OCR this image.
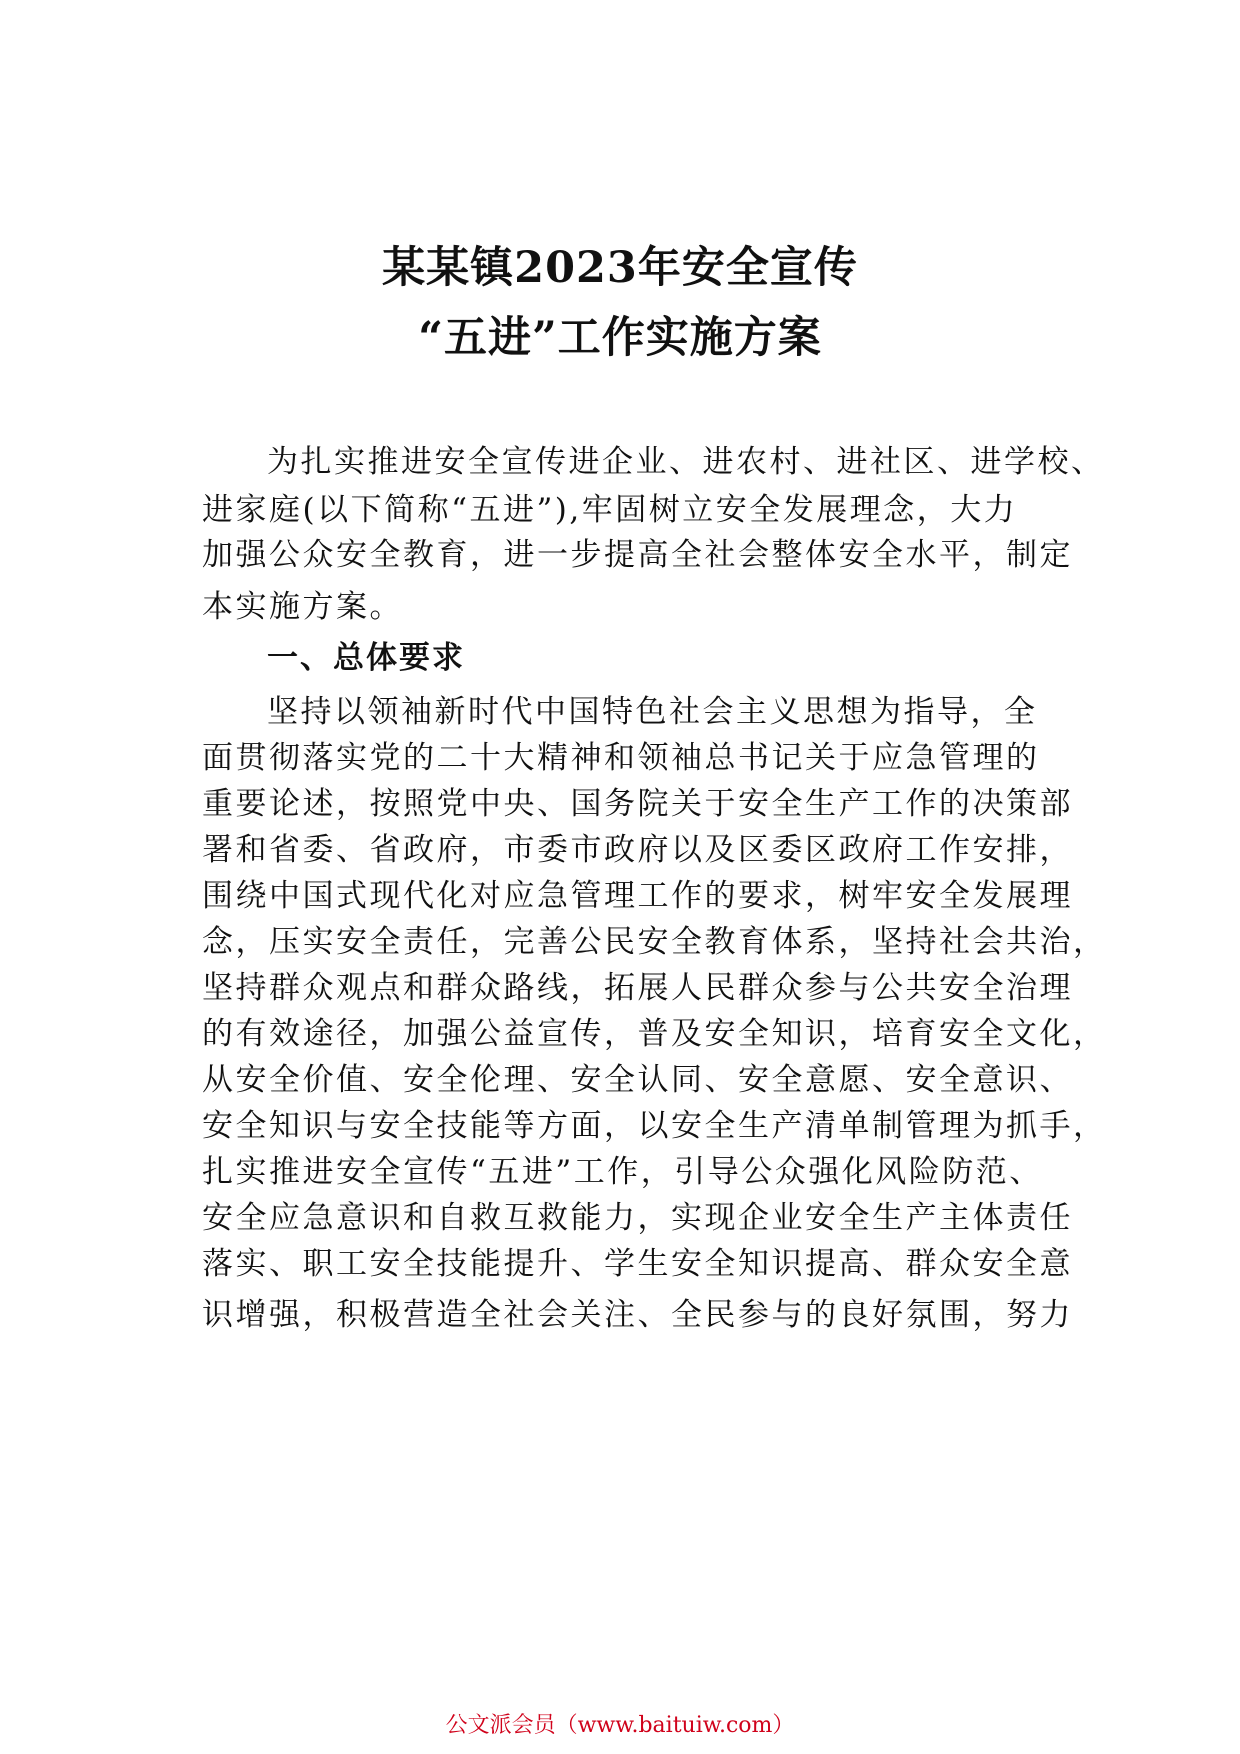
某某镇2023年安全宣传
“五进”工作实施方案
为扎实推进安全宣传进企业、进农村、进社区、进学校、
进家庭(以下简称“五进”),牢固树立安全发展理念，大力
加强公众安全教育，进一步提高全社会整体安全水平，制定
本实施方案。
一、总体要求
坚持以领袖新时代中国特色社会主义思想为指导，全
面贯彻落实党的二十大精神和领袖总书记关于应急管理的
重要论述，按照党中央、国务院关于安全生产工作的决策部
署和省委、省政府，市委市政府以及区委区政府工作安排，
围绕中国式现代化对应急管理工作的要求，树牢安全发展理
念，压实安全责任，完善公民安全教育体系，坚持社会共治，
坚持群众观点和群众路线，拓展人民群众参与公共安全治理
的有效途径，加强公益宣传，普及安全知识，培育安全文化，
从安全价值、安全伦理、安全认同、安全意愿、安全意识、
安全知识与安全技能等方面，以安全生产清单制管理为抓手，
扎实推进安全宣传“五进”工作，引导公众强化风险防范、
安全应急意识和自救互救能力，实现企业安全生产主体责任
落实、职工安全技能提升、学生安全知识提高、群众安全意
识增强，积极营造全社会关注、全民参与的良好氛围，努力
公文派会员（www.baituiw.com）
